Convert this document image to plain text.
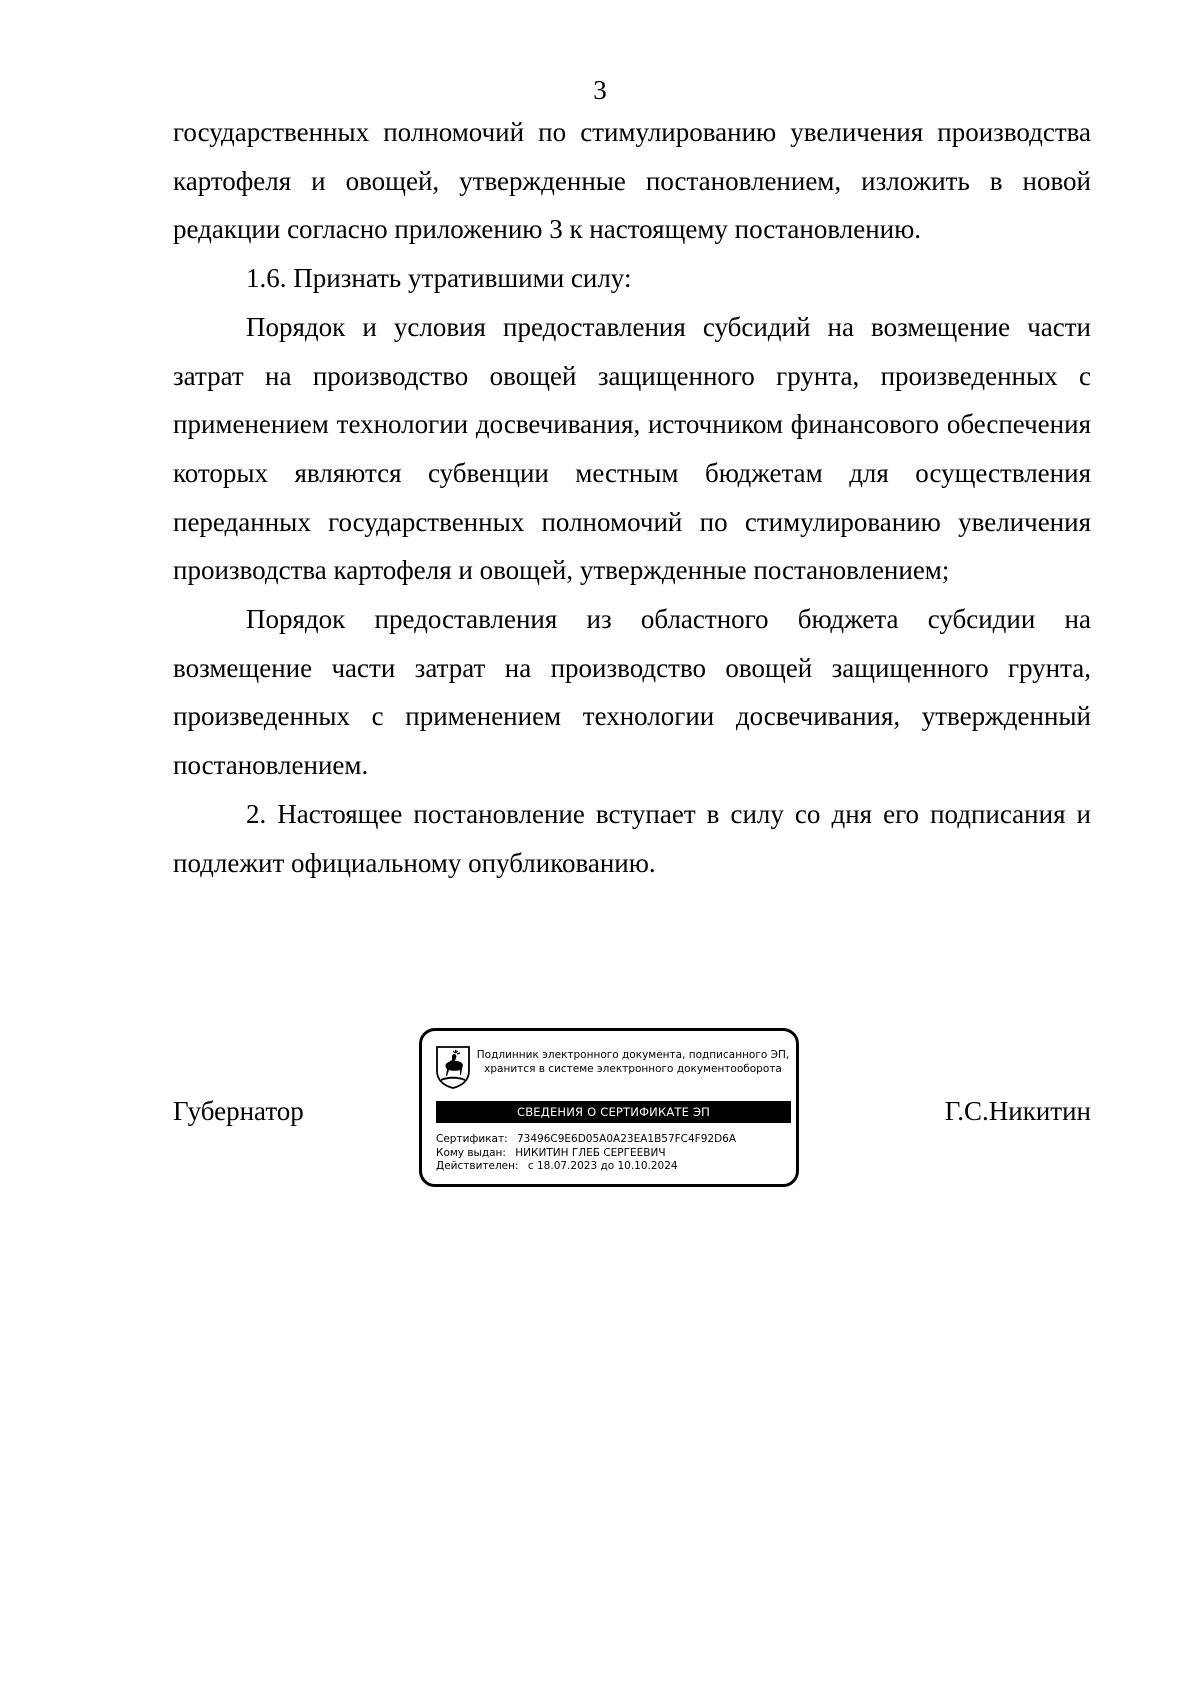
3

государственных полномочий по стимулированию увеличения производства картофеля и овощей, утвержденные постановлением, изложить в новой редакции согласно приложению 3 к настоящему постановлению.

1.6. Признать утратившими силу:

Порядок и условия предоставления субсидий на возмещение части затрат на производство овощей защищенного грунта, произведенных с применением технологии досвечивания, источником финансового обеспечения которых являются субвенции местным бюджетам для осуществления переданных государственных полномочий по стимулированию увеличения производства картофеля и овощей, утвержденные постановлением;

Порядок предоставления из областного бюджета субсидии на возмещение части затрат на производство овощей защищенного грунта, произведенных с применением технологии досвечивания, утвержденный постановлением.

2. Настоящее постановление вступает в силу со дня его подписания и подлежит официальному опубликованию.

Губернатор
Подлинник электронного документа, подписанного ЭП,
хранится в системе электронного документооборота
СВЕДЕНИЯ О СЕРТИФИКАТЕ ЭП
Сертификат: 73496C9E6D05A0A23EA1B57FC4F92D6A
Кому выдан: НИКИТИН ГЛЕБ СЕРГЕЕВИЧ
Действителен: с 18.07.2023 до 10.10.2024
Г.С.Никитин
